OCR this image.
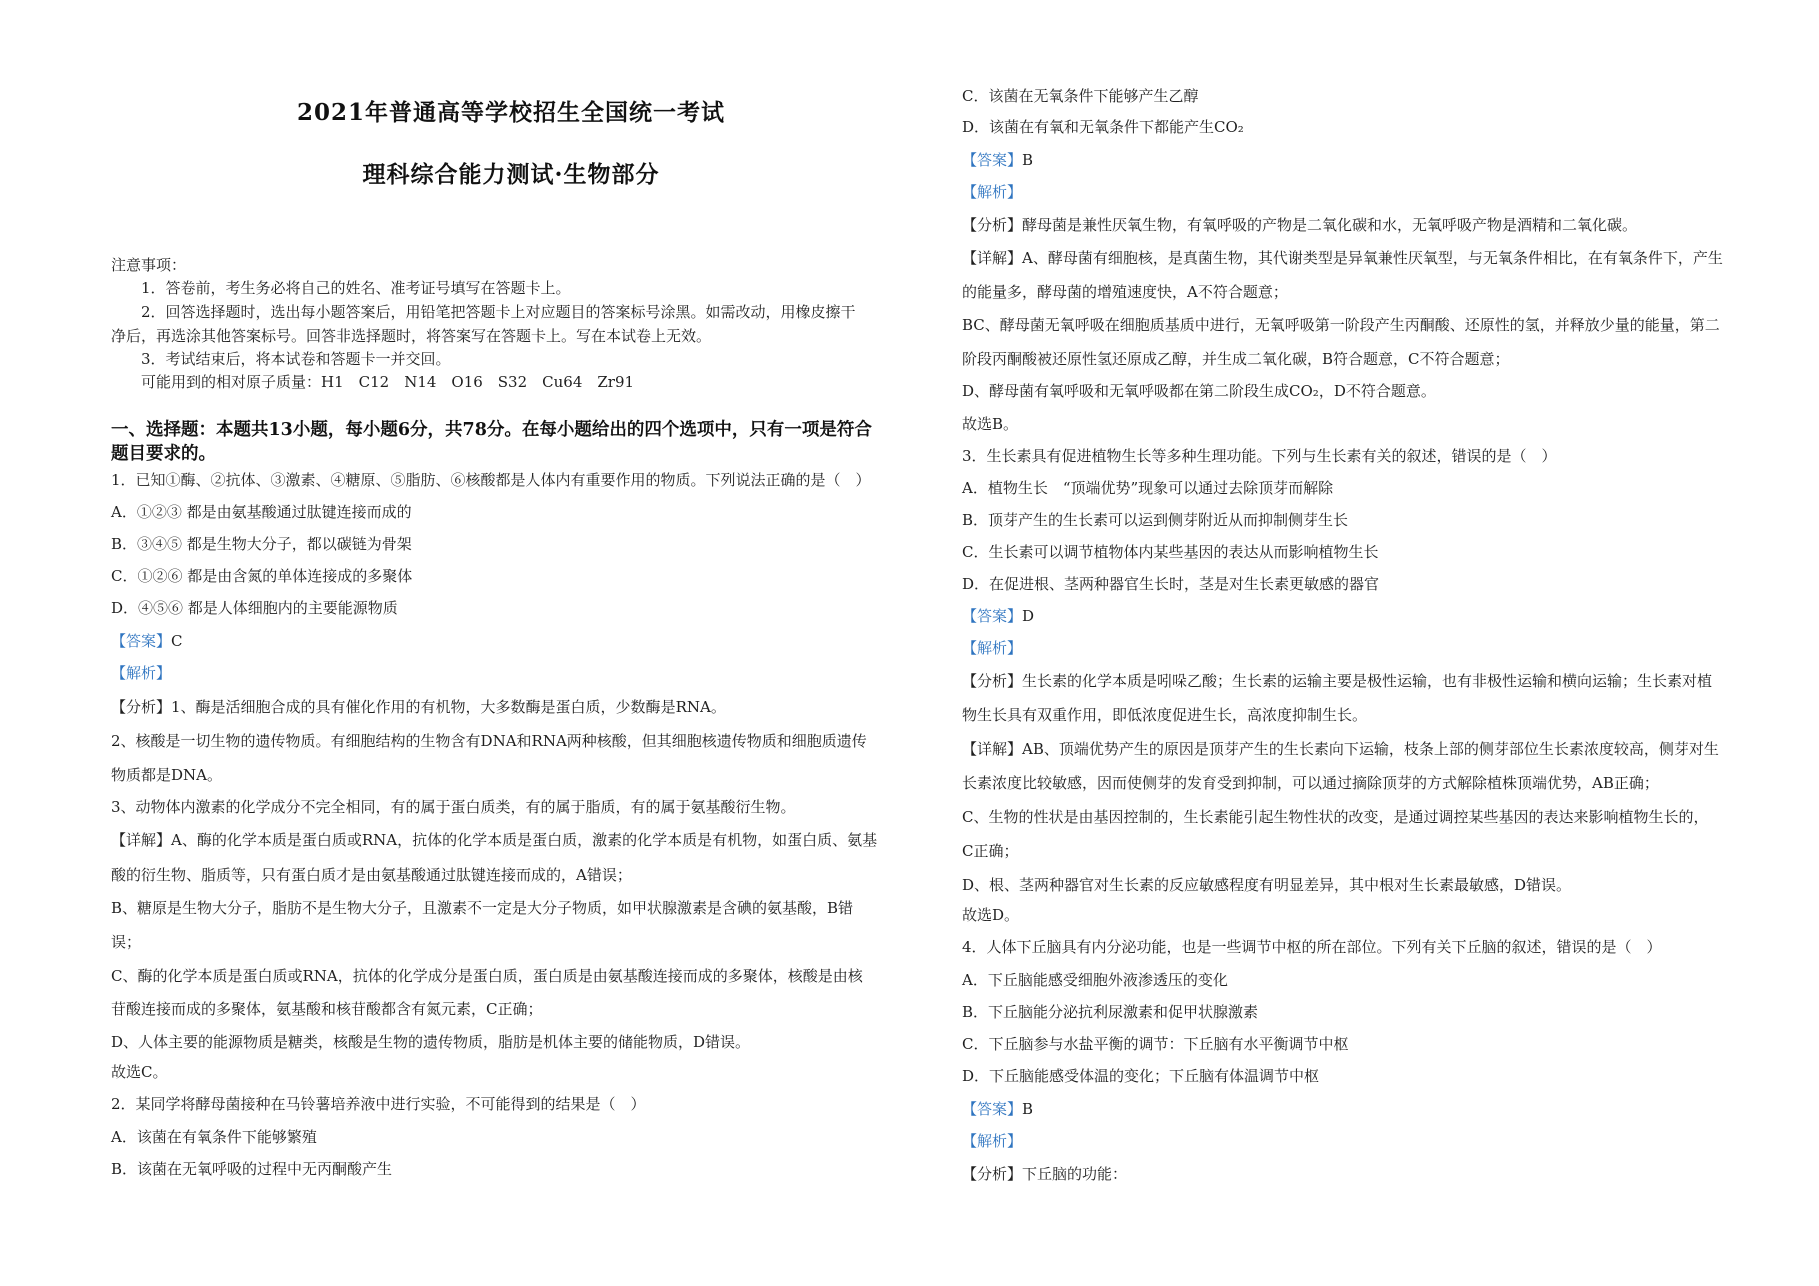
2021年普通高等学校招生全国统一考试
理科综合能力测试·生物部分
注意事项：
1．答卷前，考生务必将自己的姓名、准考证号填写在答题卡上。
2．回答选择题时，选出每小题答案后，用铅笔把答题卡上对应题目的答案标号涂黑。如需改动，用橡皮擦干
净后，再选涂其他答案标号。回答非选择题时，将答案写在答题卡上。写在本试卷上无效。
3．考试结束后，将本试卷和答题卡一并交回。
可能用到的相对原子质量：H1　C12　N14　O16　S32　Cu64　Zr91
一、选择题：本题共13小题，每小题6分，共78分。在每小题给出的四个选项中，只有一项是符合
题目要求的。
1．已知①酶、②抗体、③激素、④糖原、⑤脂肪、⑥核酸都是人体内有重要作用的物质。下列说法正确的是（　）
A．①②③ 都是由氨基酸通过肽键连接而成的
B．③④⑤ 都是生物大分子，都以碳链为骨架
C．①②⑥ 都是由含氮的单体连接成的多聚体
D．④⑤⑥ 都是人体细胞内的主要能源物质
【答案】C
【解析】
【分析】1、酶是活细胞合成的具有催化作用的有机物，大多数酶是蛋白质，少数酶是RNA。
2、核酸是一切生物的遗传物质。有细胞结构的生物含有DNA和RNA两种核酸，但其细胞核遗传物质和细胞质遗传
物质都是DNA。
3、动物体内激素的化学成分不完全相同，有的属于蛋白质类，有的属于脂质，有的属于氨基酸衍生物。
【详解】A、酶的化学本质是蛋白质或RNA，抗体的化学本质是蛋白质，激素的化学本质是有机物，如蛋白质、氨基
酸的衍生物、脂质等，只有蛋白质才是由氨基酸通过肽键连接而成的，A错误；
B、糖原是生物大分子，脂肪不是生物大分子，且激素不一定是大分子物质，如甲状腺激素是含碘的氨基酸，B错
误；
C、酶的化学本质是蛋白质或RNA，抗体的化学成分是蛋白质，蛋白质是由氨基酸连接而成的多聚体，核酸是由核
苷酸连接而成的多聚体，氨基酸和核苷酸都含有氮元素，C正确；
D、人体主要的能源物质是糖类，核酸是生物的遗传物质，脂肪是机体主要的储能物质，D错误。
故选C。
2．某同学将酵母菌接种在马铃薯培养液中进行实验，不可能得到的结果是（　）
A．该菌在有氧条件下能够繁殖
B．该菌在无氧呼吸的过程中无丙酮酸产生
C．该菌在无氧条件下能够产生乙醇
D．该菌在有氧和无氧条件下都能产生CO₂
【答案】B
【解析】
【分析】酵母菌是兼性厌氧生物，有氧呼吸的产物是二氧化碳和水，无氧呼吸产物是酒精和二氧化碳。
【详解】A、酵母菌有细胞核，是真菌生物，其代谢类型是异氧兼性厌氧型，与无氧条件相比，在有氧条件下，产生
的能量多，酵母菌的增殖速度快，A不符合题意；
BC、酵母菌无氧呼吸在细胞质基质中进行，无氧呼吸第一阶段产生丙酮酸、还原性的氢，并释放少量的能量，第二
阶段丙酮酸被还原性氢还原成乙醇，并生成二氧化碳，B符合题意，C不符合题意；
D、酵母菌有氧呼吸和无氧呼吸都在第二阶段生成CO₂，D不符合题意。
故选B。
3．生长素具有促进植物生长等多种生理功能。下列与生长素有关的叙述，错误的是（　）
A．植物生长　“顶端优势”现象可以通过去除顶芽而解除
B．顶芽产生的生长素可以运到侧芽附近从而抑制侧芽生长
C．生长素可以调节植物体内某些基因的表达从而影响植物生长
D．在促进根、茎两种器官生长时，茎是对生长素更敏感的器官
【答案】D
【解析】
【分析】生长素的化学本质是吲哚乙酸；生长素的运输主要是极性运输，也有非极性运输和横向运输；生长素对植
物生长具有双重作用，即低浓度促进生长，高浓度抑制生长。
【详解】AB、顶端优势产生的原因是顶芽产生的生长素向下运输，枝条上部的侧芽部位生长素浓度较高，侧芽对生
长素浓度比较敏感，因而使侧芽的发育受到抑制，可以通过摘除顶芽的方式解除植株顶端优势，AB正确；
C、生物的性状是由基因控制的，生长素能引起生物性状的改变，是通过调控某些基因的表达来影响植物生长的，
C正确；
D、根、茎两种器官对生长素的反应敏感程度有明显差异，其中根对生长素最敏感，D错误。
故选D。
4．人体下丘脑具有内分泌功能，也是一些调节中枢的所在部位。下列有关下丘脑的叙述，错误的是（　）
A．下丘脑能感受细胞外液渗透压的变化
B．下丘脑能分泌抗利尿激素和促甲状腺激素
C．下丘脑参与水盐平衡的调节：下丘脑有水平衡调节中枢
D．下丘脑能感受体温的变化；下丘脑有体温调节中枢
【答案】B
【解析】
【分析】下丘脑的功能：
